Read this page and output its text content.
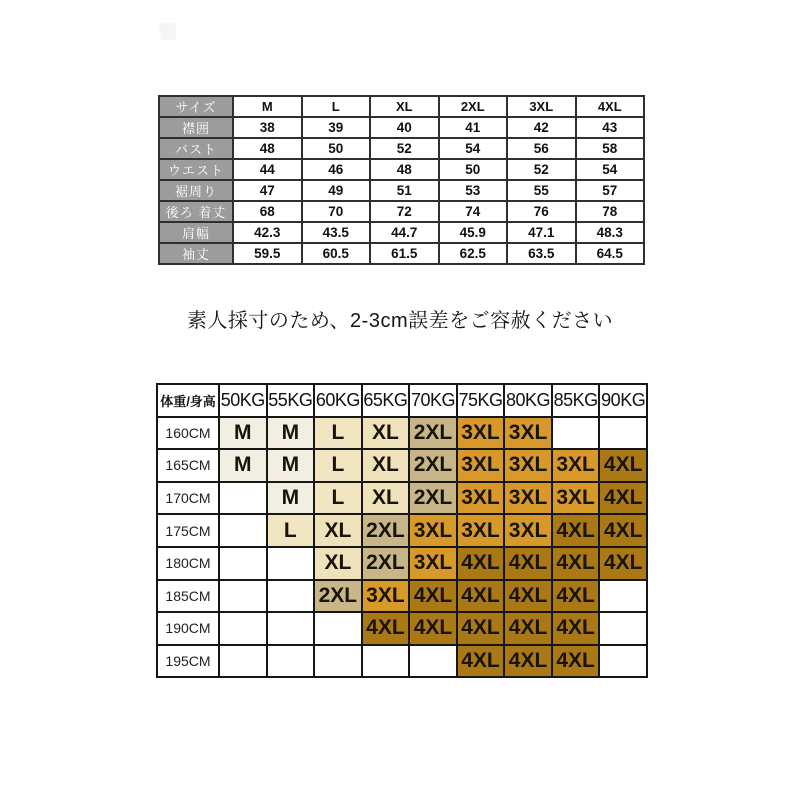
サイズ	M	L	XL	2XL	3XL	4XL
襟囲	38	39	40	41	42	43
バスト	48	50	52	54	56	58
ウエスト	44	46	48	50	52	54
裾周り	47	49	51	53	55	57
後ろ 着丈	68	70	72	74	76	78
肩幅	42.3	43.5	44.7	45.9	47.1	48.3
袖丈	59.5	60.5	61.5	62.5	63.5	64.5
素人採寸のため、2-3cm誤差をご容赦ください
体重/身高	50KG	55KG	60KG	65KG	70KG	75KG	80KG	85KG	90KG
160CM	M	M	L	XL	2XL	3XL	3XL		
165CM	M	M	L	XL	2XL	3XL	3XL	3XL	4XL
170CM		M	L	XL	2XL	3XL	3XL	3XL	4XL
175CM		L	XL	2XL	3XL	3XL	3XL	4XL	4XL
180CM			XL	2XL	3XL	4XL	4XL	4XL	4XL
185CM			2XL	3XL	4XL	4XL	4XL	4XL	
190CM				4XL	4XL	4XL	4XL	4XL	
195CM						4XL	4XL	4XL	
